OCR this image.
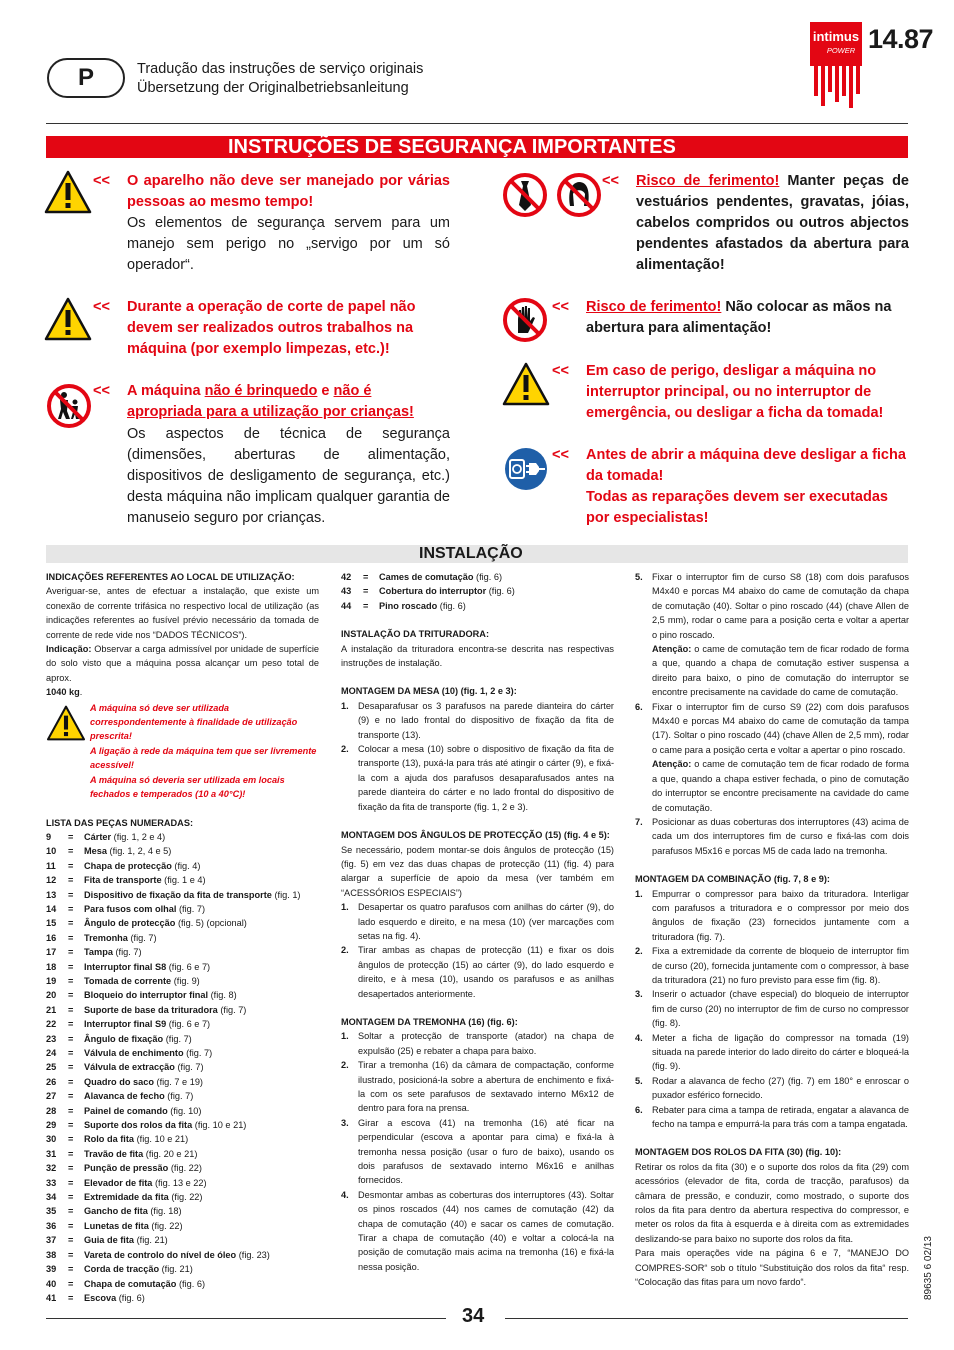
P	Tradução das instruções de serviço originais
Übersetzung der Originalbetriebsanleitung
intimus
POWER 14.87
INSTRUÇÕES DE SEGURANÇA IMPORTANTES
<< O aparelho não deve ser manejado por várias pessoas ao mesmo tempo!
Os elementos de segurança servem para um manejo sem perigo no „servigo por um só operador“.
<< Durante a operação de corte de papel não devem ser realizados outros trabalhos na máquina (por exemplo limpezas, etc.)!
<< A máquina não é brinquedo e não é apropriada para a utilização por crianças!
Os aspectos de técnica de segurança (dimensões, aberturas de alimentação, dispositivos de desligamento de segurança, etc.) desta máquina não implicam qualquer garantia de manuseio seguro por crianças.
<< Risco de ferimento! Manter peças de vestuários pendentes, gravatas, jóias, cabelos compridos ou outros abjectos pendentes afastados da abertura para alimentação!
<< Risco de ferimento! Não colocar as mãos na abertura para alimentação!
<< Em caso de perigo, desligar a máquina no interruptor principal, ou no interruptor de emergência, ou desligar a ficha da tomada!
<< Antes de abrir a máquina deve desligar a ficha da tomada!
Todas as reparações devem ser executadas por especialistas!
INSTALAÇÃO

INDICAÇÕES REFERENTES AO LOCAL DE UTILIZAÇÃO:

Averiguar-se, antes de efectuar a instalação, que existe um conexão de corrente trifásica no respectivo local de utilização (as indicações referentes ao fusível prévio necessário da tomada de corrente de rede vide nos “DADOS TÉCNICOS”).

Indicação: Observar a carga admissível por unidade de superfície do solo visto que a máquina possa alcançar um peso total de aprox.

1040 kg.

A máquina só deve ser utilizada correspondentemente à finalidade de utilização prescrita!

A ligação à rede da máquina tem que ser livremente acessível!

A máquina só deveria ser utilizada em locais fechados e temperados (10 a 40°C)!

LISTA DAS PEÇAS NUMERADAS:

9	=	Cárter (fig. 1, 2 e 4)
10	=	Mesa (fig. 1, 2, 4 e 5)
11	=	Chapa de protecção (fig. 4)
12	=	Fita de transporte (fig. 1 e 4)
13	=	Dispositivo de fixação da fita de transporte (fig. 1)
14	=	Para fusos com olhal (fig. 7)
15	=	Ângulo de protecção (fig. 5) (opcional)
16	=	Tremonha (fig. 7)
17	=	Tampa (fig. 7)
18	=	Interruptor final S8 (fig. 6 e 7)
19	=	Tomada de corrente (fig. 9)
20	=	Bloqueio do interruptor final (fig. 8)
21	=	Suporte de base da trituradora (fig. 7)
22	=	Interruptor final S9 (fig. 6 e 7)
23	=	Ângulo de fixação (fig. 7)
24	=	Válvula de enchimento (fig. 7)
25	=	Válvula de extracção (fig. 7)
26	=	Quadro do saco (fig. 7 e 19)
27	=	Alavanca de fecho (fig. 7)
28	=	Painel de comando (fig. 10)
29	=	Suporte dos rolos da fita (fig. 10 e 21)
30	=	Rolo da fita (fig. 10 e 21)
31	=	Travão de fita (fig. 20 e 21)
32	=	Punção de pressão (fig. 22)
33	=	Elevador de fita (fig. 13 e 22)
34	=	Extremidade da fita (fig. 22)
35	=	Gancho de fita (fig. 18)
36	=	Lunetas de fita (fig. 22)
37	=	Guia de fita (fig. 21)
38	=	Vareta de controlo do nível de óleo (fig. 23)
39	=	Corda de tracção (fig. 21)
40	=	Chapa de comutação (fig. 6)
41	=	Escova (fig. 6)
42	=	Cames de comutação (fig. 6)
43	=	Cobertura do interruptor (fig. 6)
44	=	Pino roscado (fig. 6)

INSTALAÇÃO DA TRITURADORA:

A instalação da trituradora encontra-se descrita nas respectivas instruções de instalação.

MONTAGEM DA MESA (10) (fig. 1, 2 e 3):

1. Desaparafusar os 3 parafusos na parede dianteira do cárter (9) e no lado frontal do dispositivo de fixação da fita de transporte (13).
2. Colocar a mesa (10) sobre o dispositivo de fixação da fita de transporte (13), puxá-la para trás até atingir o cárter (9), e fixá-la com a ajuda dos parafusos desaparafusados antes na parede dianteira do cárter e no lado frontal do dispositivo de fixação da fita de transporte (fig. 1, 2 e 3).

MONTAGEM DOS ÂNGULOS DE PROTECÇÃO (15) (fig. 4 e 5):

Se necessário, podem montar-se dois ângulos de protecção (15) (fig. 5) em vez das duas chapas de protecção (11) (fig. 4) para alargar a superfície de apoio da mesa (ver também em “ACESSÓRIOS ESPECIAIS”)

1. Desapertar os quatro parafusos com anilhas do cárter (9), do lado esquerdo e direito, e na mesa (10) (ver marcações com setas na fig. 4).
2. Tirar ambas as chapas de protecção (11) e fixar os dois ângulos de protecção (15) ao cárter (9), do lado esquerdo e direito, e à mesa (10), usando os parafusos e as anilhas desapertados anteriormente.

MONTAGEM DA TREMONHA (16) (fig. 6):

1. Soltar a protecção de transporte (atador) na chapa de expulsão (25) e rebater a chapa para baixo.
2. Tirar a tremonha (16) da câmara de compactação, conforme ilustrado, posicioná-la sobre a abertura de enchimento e fixá-la com os sete parafusos de sextavado interno M6x12 de dentro para fora na prensa.
3. Girar a escova (41) na tremonha (16) até ficar na perpendicular (escova a apontar para cima) e fixá-la à tremonha nessa posição (usar o furo de baixo), usando os dois parafusos de sextavado interno M6x16 e anilhas fornecidos.
4. Desmontar ambas as coberturas dos interruptores (43). Soltar os pinos roscados (44) nos cames de comutação (42) da chapa de comutação (40) e sacar os cames de comutação. Tirar a chapa de comutação (40) e voltar a colocá-la na posição de comutação mais acima na tremonha (16) e fixá-la nessa posição.
5. Fixar o interruptor fim de curso S8 (18) com dois parafusos M4x40 e porcas M4 abaixo do came de comutação da chapa de comutação (40). Soltar o pino roscado (44) (chave Allen de 2,5 mm), rodar o came para a posição certa e voltar a apertar o pino roscado.
Atenção: o came de comutação tem de ficar rodado de forma a que, quando a chapa de comutação estiver suspensa a direito para baixo, o pino de comutação do interruptor se encontre precisamente na cavidade do came de comutação.
6. Fixar o interruptor fim de curso S9 (22) com dois parafusos M4x40 e porcas M4 abaixo do came de comutação da tampa (17). Soltar o pino roscado (44) (chave Allen de 2,5 mm), rodar o came para a posição certa e voltar a apertar o pino roscado.
Atenção: o came de comutação tem de ficar rodado de forma a que, quando a chapa estiver fechada, o pino de comutação do interruptor se encontre precisamente na cavidade do came de comutação.
7. Posicionar as duas coberturas dos interruptores (43) acima de cada um dos interruptores fim de curso e fixá-las com dois parafusos M5x16 e porcas M5 de cada lado na tremonha.

MONTAGEM DA COMBINAÇÃO (fig. 7, 8 e 9):

1. Empurrar o compressor para baixo da trituradora. Interligar com parafusos a trituradora e o compressor por meio dos ângulos de fixação (23) fornecidos juntamente com a trituradora (fig. 7).
2. Fixa a extremidade da corrente de bloqueio de interruptor fim de curso (20), fornecida juntamente com o compressor, à base da trituradora (21) no furo previsto para esse fim (fig. 8).
3. Inserir o actuador (chave especial) do bloqueio de interruptor fim de curso (20) no interruptor de fim de curso no compressor (fig. 8).
4. Meter a ficha de ligação do compressor na tomada (19) situada na parede interior do lado direito do cárter e bloqueá-la (fig. 9).
5. Rodar a alavanca de fecho (27) (fig. 7) em 180° e enroscar o puxador esférico fornecido.
6. Rebater para cima a tampa de retirada, engatar a alavanca de fecho na tampa e empurrá-la para trás com a tampa engatada.

MONTAGEM DOS ROLOS DA FITA (30) (fig. 10):

Retirar os rolos da fita (30) e o suporte dos rolos da fita (29) com acessórios (elevador de fita, corda de tracção, parafusos) da câmara de pressão, e conduzir, como mostrado, o suporte dos rolos da fita para dentro da abertura respectiva do compressor, e meter os rolos da fita à esquerda e à direita com as extremidades deslizando-se para baixo no suporte dos rolos da fita.

Para mais operações vide na página 6 e 7, “MANEJO DO COMPRES-SOR“ sob o título “Substituição dos rolos da fita“ resp. “Colocação das fitas para um novo fardo“.

34
89635 6 02/13
